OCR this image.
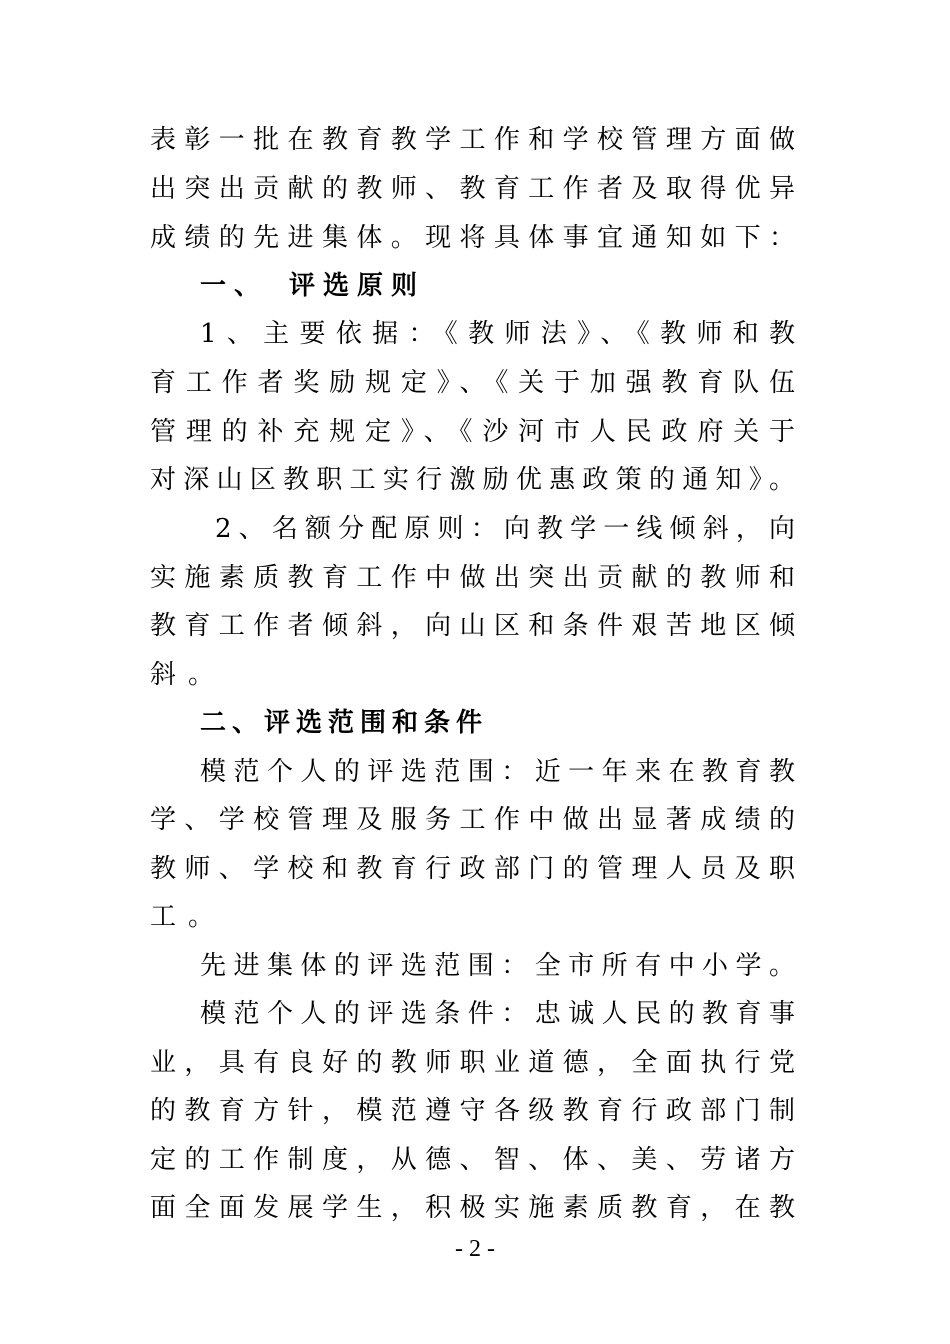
表彰一批在教育教学工作和学校管理方面做
出突出贡献的教师、教育工作者及取得优异
成绩的先进集体。现将具体事宜通知如下：
一、　评选原则
1、主要依据：《教师法》、《教师和教
育工作者奖励规定》、《关于加强教育队伍
管理的补充规定》、《沙河市人民政府关于
对深山区教职工实行激励优惠政策的通知》。
2、名额分配原则：向教学一线倾斜，向
实施素质教育工作中做出突出贡献的教师和
教育工作者倾斜，向山区和条件艰苦地区倾
斜。
二、评选范围和条件
模范个人的评选范围：近一年来在教育教
学、学校管理及服务工作中做出显著成绩的
教师、学校和教育行政部门的管理人员及职
工。
先进集体的评选范围：全市所有中小学。
模范个人的评选条件：忠诚人民的教育事
业，具有良好的教师职业道德，全面执行党
的教育方针，模范遵守各级教育行政部门制
定的工作制度，从德、智、体、美、劳诸方
面全面发展学生，积极实施素质教育，在教
- 2 -
